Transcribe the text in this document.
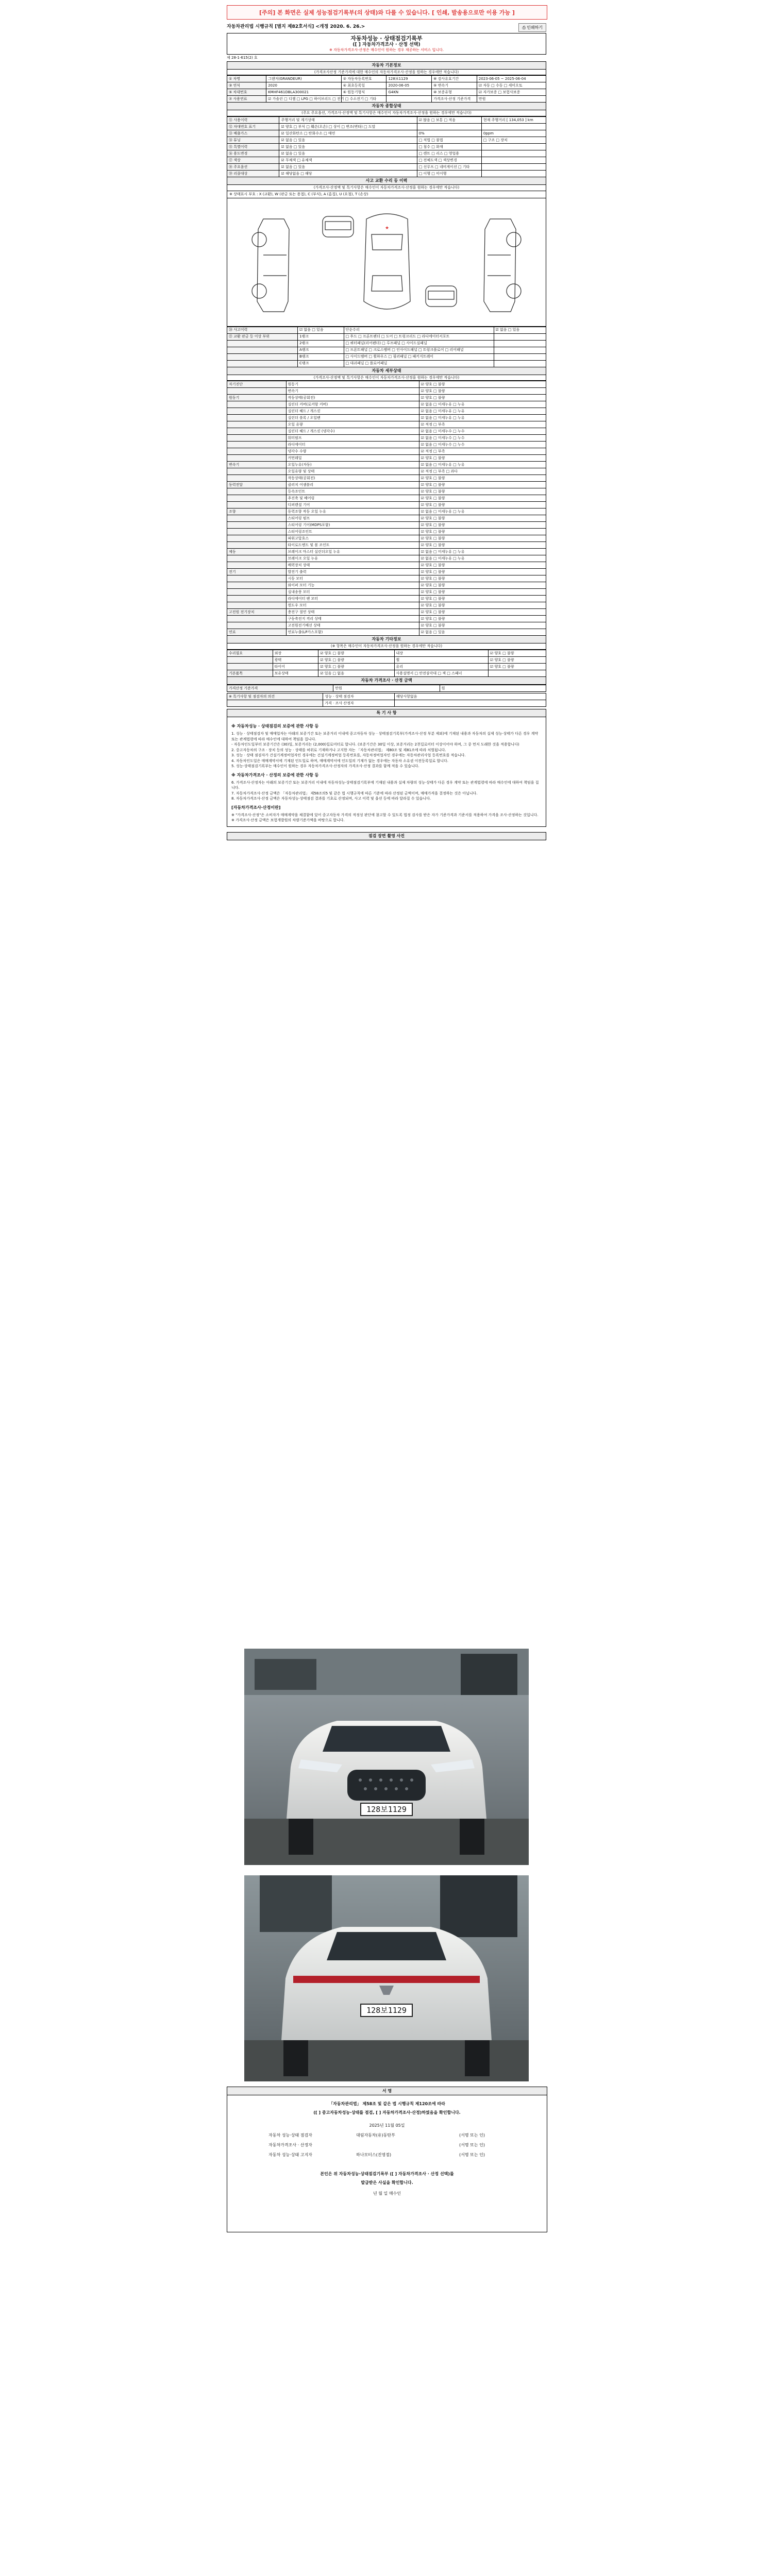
[주의] 본 화면은 실제 성능점검기록부(의 상태)와 다를 수 있습니다. [ 인쇄, 발송용으로만 이용 가능 ]
자동차관리법 시행규칙 [별지 제82호서식] <개정 2020. 6. 26.>	⎙ 인쇄하기
자동차성능 · 상태점검기록부
([ ] 자동차가격조사 · 산정 선택)
※ 자동차가격조사·산정은 매수인이 원하는 경우 제공하는 서비스 입니다.
제 28-1-615(2) 호
자동차 기본정보
(가격조사산정 기준가격에 대한 매수인의 자동차가격조사·산정을 원하는 경우에만 적습니다)
① 차명	그랜저(GRANDEUR)	② 자동차등록번호	128보1129	⑧ 검사유효기간	2023-06-05 ~ 2025-06-04
③ 연식	2020	④ 최초등록일	2020-06-05	⑨ 변속기	☑ 자동 □ 수동 □ 세미오토
⑤ 차대번호	KMHF461DBLA300021	⑥ 원동기형식	G4KN	⑩ 보증유형	☑ 자가보증 □ 보험사보증
⑦ 사용연료	☑ 가솔린 □ 디젤 □ LPG □ 하이브리드 □ 전기 □ 수소전기 □ 기타			가격조사·산정 기준가격	만원
자동차 종합상태
(주요 주요옵션, 가격조사·산정액 및 특기사항은 매수인이 자동차가격조사·산정을 원하는 경우에만 적습니다)
⑪ 사용이력	주행거리 및 계기상태	☑ 많음 □ 보통 □ 적음	현재 주행거리 [ 134,053 ] km
⑫ 차대번호 표기	☑ 양호 □ 부식 □ 훼손(오손) □ 상이 □ 변조(변타) □ 도말		
⑬ 배출가스	☑ 일산화탄소 □ 탄화수소 □ 매연	0%	0ppm
⑭ 튜닝	☑ 없음 □ 있음	□ 적법 □ 불법	□ 구조 □ 장치
⑮ 특별이력	☑ 없음 □ 있음	□ 침수 □ 화재	
⑯ 용도변경	☑ 없음 □ 있음	□ 렌트 □ 리스 □ 영업용	
⑰ 색상	☑ 무채색 □ 유채색	□ 전체도색 □ 색상변경	
⑱ 주요옵션	☑ 없음 □ 있음	□ 선루프 □ 네비게이션 □ 기타	
⑲ 리콜대상	☑ 해당없음 □ 해당	□ 이행 □ 미이행	
사고 교환 수리 등 이력
(가격조사·산정액 및 특기사항은 매수인이 자동차가격조사·산정을 원하는 경우에만 적습니다)
※ 상태표시 부호 : X (교환), W (판금 또는 용접), C (부식), A (흠집), U (요철), T (손상)
★
⑳ 사고이력	☑ 없음 □ 있음	단순수리	☑ 없음 □ 있음
㉑ 교환 판금 등 이상 부위	1랭크	□ 후드 □ 프론트펜더 □ 도어 □ 트렁크리드 □ 라디에이터서포트	
	2랭크	□ 쿼터패널(리어펜더) □ 루프패널 □ 사이드실패널	
	A랭크	□ 프론트패널 □ 크로스멤버 □ 인사이드패널 □ 트렁크플로어 □ 리어패널	
	B랭크	□ 사이드멤버 □ 휠하우스 □ 필러패널 □ 패키지트레이	
	C랭크	□ 대쉬패널 □ 플로어패널	
자동차 세부상태
(가격조사·산정액 및 특기사항은 매수인이 자동차가격조사·산정을 원하는 경우에만 적습니다)
자기진단	원동기	☑ 양호 □ 불량
	변속기	☑ 양호 □ 불량
원동기	작동상태(공회전)	☑ 양호 □ 불량
	실린더 커버(로커암 커버)	☑ 없음 □ 미세누유 □ 누유
	실린더 헤드 / 개스킷	☑ 없음 □ 미세누유 □ 누유
	실린더 블록 / 오일팬	☑ 없음 □ 미세누유 □ 누유
	오일 유량	☑ 적정 □ 부족
	실린더 헤드 / 개스킷 (냉각수)	☑ 없음 □ 미세누수 □ 누수
	워터펌프	☑ 없음 □ 미세누수 □ 누수
	라디에이터	☑ 없음 □ 미세누수 □ 누수
	냉각수 수량	☑ 적정 □ 부족
	커먼레일	☑ 양호 □ 불량
변속기	오일누유(자동)	☑ 없음 □ 미세누유 □ 누유
	오일유량 및 상태	☑ 적정 □ 부족 □ 과다
	작동상태(공회전)	☑ 양호 □ 불량
동력전달	클러치 어셈블리	☑ 양호 □ 불량
	등속조인트	☑ 양호 □ 불량
	추진축 및 베어링	☑ 양호 □ 불량
	디퍼렌셜 기어	☑ 양호 □ 불량
조향	동력조향 작동 오일 누유	☑ 없음 □ 미세누유 □ 누유
	스티어링 펌프	☑ 양호 □ 불량
	스티어링 기어(MDPS포함)	☑ 양호 □ 불량
	스티어링조인트	☑ 양호 □ 불량
	파워고압호스	☑ 양호 □ 불량
	타이로드엔드 및 볼 조인트	☑ 양호 □ 불량
제동	브레이크 마스터 실린더오일 누유	☑ 없음 □ 미세누유 □ 누유
	브레이크 오일 누유	☑ 없음 □ 미세누유 □ 누유
	배력장치 상태	☑ 양호 □ 불량
전기	발전기 출력	☑ 양호 □ 불량
	시동 모터	☑ 양호 □ 불량
	와이퍼 모터 기능	☑ 양호 □ 불량
	실내송풍 모터	☑ 양호 □ 불량
	라디에이터 팬 모터	☑ 양호 □ 불량
	윈도우 모터	☑ 양호 □ 불량
고전원 전기장치	충전구 절연 상태	☑ 양호 □ 불량
	구동축전지 격리 상태	☑ 양호 □ 불량
	고전원전기배선 상태	☑ 양호 □ 불량
연료	연료누출(LP가스포함)	☑ 없음 □ 있음
자동차 기타정보
(※ 항목은 매수인이 자동차가격조사·산정을 원하는 경우에만 적습니다)
수리필요	외장	☑ 양호 □ 불량	내장	☑ 양호 □ 불량
	광택	☑ 양호 □ 불량	휠	☑ 양호 □ 불량
	타이어	☑ 양호 □ 불량	유리	☑ 양호 □ 불량
기본품목	보유상태	☑ 있음 □ 없음	사용설명서 □ 안전삼각대 □ 잭 □ 스패너	
자동차 가격조사 · 산정 금액
가격산정 기준가격	만원	원
※ 특기사항 및 점검자의 의견	성능 · 상태 점검자	해당사항없음
	가격 · 조사 산정자	
특 기 사 항
※ 자동차성능 · 상태점검의 보증에 관한 사항 등
1. 성능 · 상태점검자 및 매매업자는 아래의 보증기간 또는 보증거리 이내에 중고자동차 성능 · 상태점검기록부(가격조사·산정 부분 제외)에 기재된 내용과 자동차의 실제 성능·상태가 다른 경우 계약 또는 관계법령에 따라 매수인에 대하여 책임을 집니다.
- 자동차인도일부터 보증기간은 (30)일, 보증거리는 (2,000)킬로미터로 합니다. (보증기간은 30일 이상, 보증거리는 2천킬로미터 이상이어야 하며, 그 중 먼저 도래한 것을 적용합니다)
2. 중고자동차의 구조 · 장치 등의 성능 · 상태를 허위로 기재하거나 고지한 자는 「자동차관리법」 제80조 및 제81조에 따라 처벌됩니다.
3. 성능 · 상태 점검자가 건설기계정비업자인 경우에는 건설기계정비업 등록번호를, 자동차정비업자인 경우에는 자동차관리사업 등록번호를 적습니다.
4. 자동차인도일은 매매계약서에 기재된 인도일로 하며, 매매계약서에 인도일의 기재가 없는 경우에는 자동차 소유권 이전등록일로 합니다.
5. 성능·상태점검기록부는 매수인이 원하는 경우 자동차가격조사·산정자의 가격조사·산정 결과를 함께 적을 수 있습니다.
※ 자동차가격조사 · 산정의 보증에 관한 사항 등
6. 가격조사·산정자는 아래의 보증기간 또는 보증거리 이내에 자동차성능·상태점검기록부에 기재된 내용과 실제 차량의 성능·상태가 다른 경우 계약 또는 관계법령에 따라 매수인에 대하여 책임을 집니다.
7. 자동차가격조사·산정 금액은 「자동차관리법」 제58조의5 및 같은 법 시행규칙에 따른 기준에 따라 산정된 금액이며, 매매가격을 결정하는 것은 아닙니다.
8. 자동차가격조사·산정 금액은 자동차성능·상태점검 결과를 기초로 산정되며, 사고 이력 및 옵션 등에 따라 달라질 수 있습니다.
[자동차가격조사·산정이란]
※ "가격조사·산정"은 소비자가 매매계약을 체결함에 있어 중고자동차 가격의 적정성 판단에 참고할 수 있도록 법정 검사를 받은 자가 기준가격과 기준서를 적용하여 가격을 조사·산정하는 것입니다. ※ 가격조사·산정 금액은 보험개발원의 차량기준가액을 바탕으로 합니다.
점검 장면 촬영 사진
128보1129
128보1129
서 명
「자동차관리법」 제58조 및 같은 법 시행규칙 제120조에 따라
([ ] 중고자동차성능·상태를 점검, [ ] 자동차가격조사·산정)하였음을 확인합니다.
2025년 11월 05일
자동차 성능·상태 점검자	대림자동차(유)동탄부	(서명 또는 인)
자동차가격조사 · 산정자	(서명 또는 인)
자동차 성능·상태 고지자	하나모터스(진영점)	(서명 또는 인)
본인은 위 자동차성능·상태점검기록부 ([ ] 자동차가격조사 · 산정 선택)를
발급받은 사실을 확인합니다.
년 월 일 매수인
